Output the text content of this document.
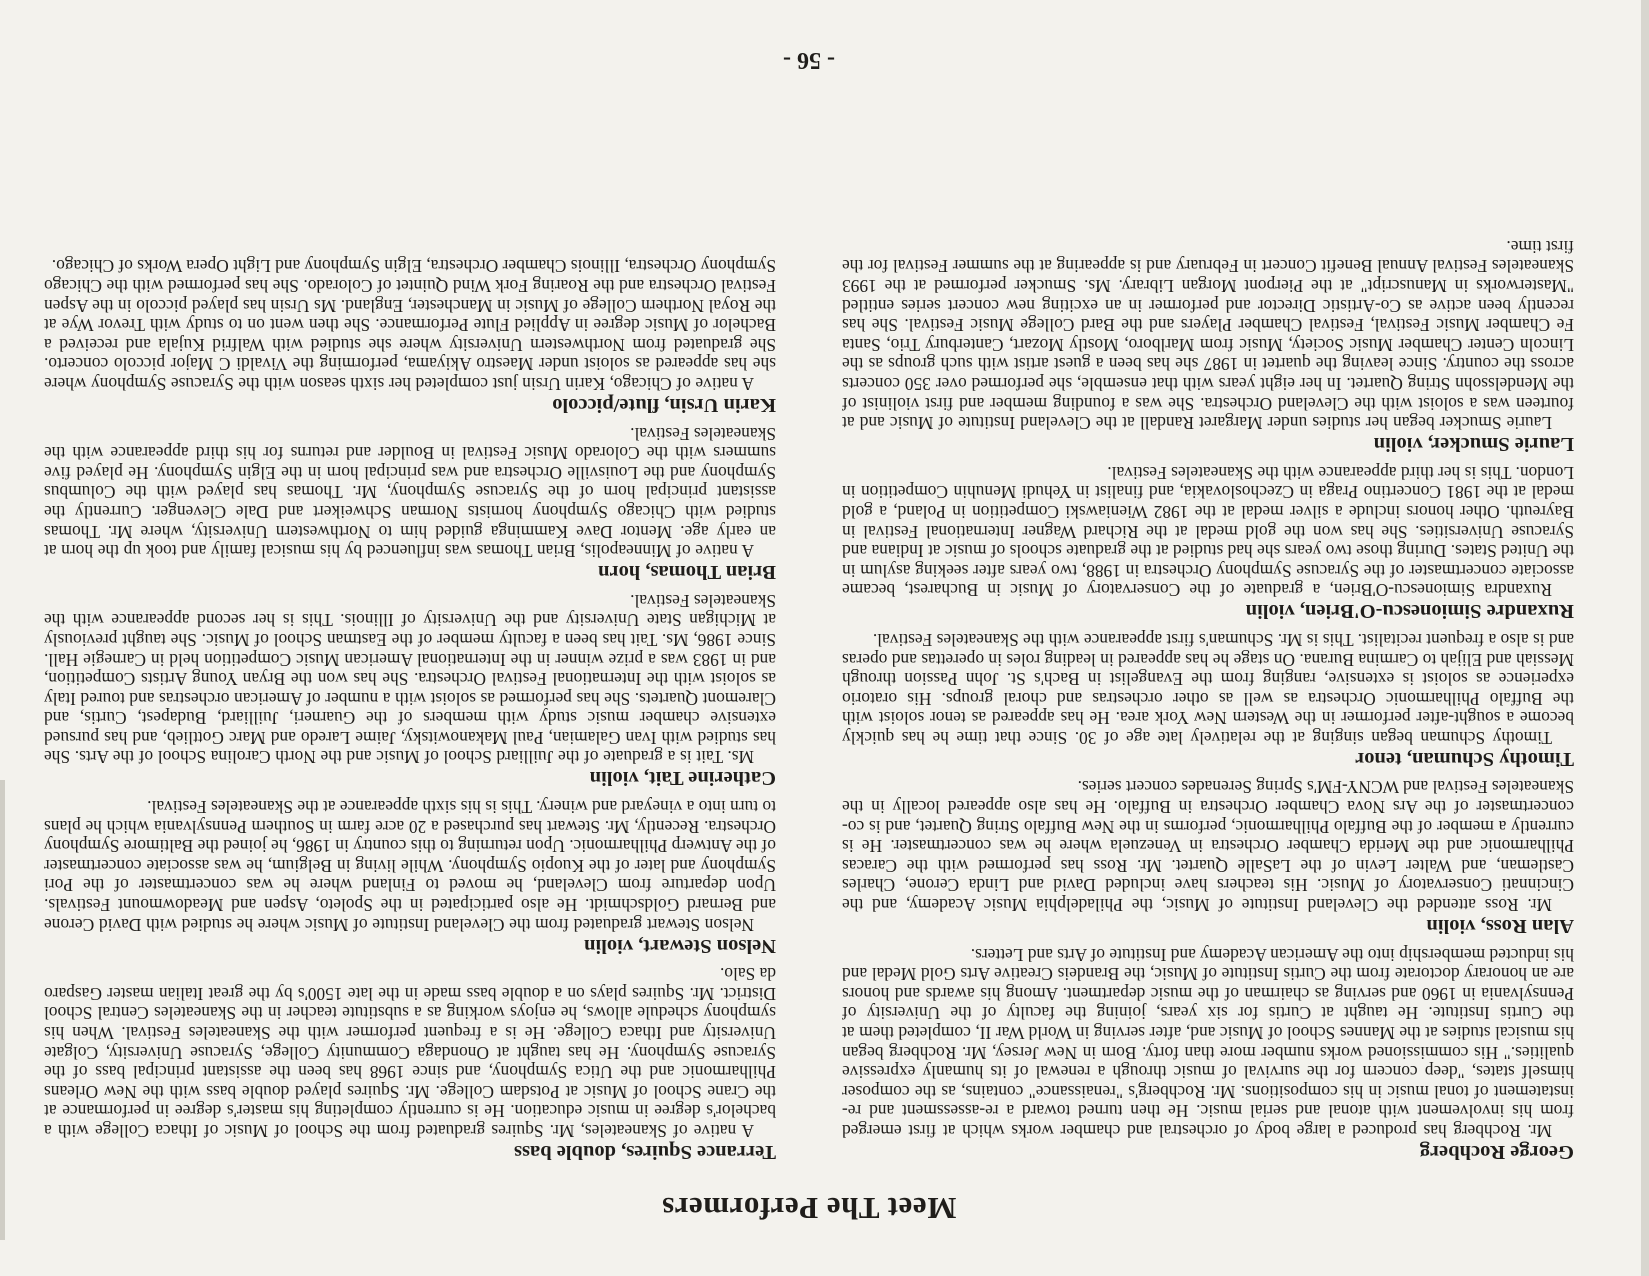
Meet The Performers
George Rochberg
Mr. Rochberg has produced a large body of orchestral and chamber works which at first emerged from his involvement with atonal and serial music. He then turned toward a re-assessment and re-instatement of tonal music in his compositions. Mr. Rochberg's "renaissance" contains, as the composer himself states, "deep concern for the survival of music through a renewal of its humanly expressive qualities." His commissioned works number more than forty. Born in New Jersey, Mr. Rochberg began his musical studies at the Mannes School of Music and, after serving in World War II, completed them at the Curtis Institute. He taught at Curtis for six years, joining the faculty of the University of Pennsylvania in 1960 and serving as chairman of the music department. Among his awards and honors are an honorary doctorate from the Curtis Institute of Music, the Brandeis Creative Arts Gold Medal and his inducted membership into the American Academy and Institute of Arts and Letters.
Alan Ross, violin
Mr. Ross attended the Cleveland Institute of Music, the Philadelphia Music Academy, and the Cincinnati Conservatory of Music. His teachers have included David and Linda Cerone, Charles Castleman, and Walter Levin of the LaSalle Quartet. Mr. Ross has performed with the Caracas Philharmonic and the Merida Chamber Orchestra in Venezuela where he was concertmaster. He is currently a member of the Buffalo Philharmonic, performs in the New Buffalo String Quartet, and is co-concertmaster of the Ars Nova Chamber Orchestra in Buffalo. He has also appeared locally in the Skaneateles Festival and WCNY-FM's Spring Serenades concert series.
Timothy Schuman, tenor
Timothy Schuman began singing at the relatively late age of 30. Since that time he has quickly become a sought-after performer in the Western New York area. He has appeared as tenor soloist with the Buffalo Philharmonic Orchestra as well as other orchestras and choral groups. His oratorio experience as soloist is extensive, ranging from the Evangelist in Bach's St. John Passion through Messiah and Elijah to Carmina Burana. On stage he has appeared in leading roles in operettas and operas and is also a frequent recitalist. This is Mr. Schuman's first appearance with the Skaneateles Festival.
Ruxandre Simionescu-O'Brien, violin
Ruxandra Simionescu-O'Brien, a graduate of the Conservatory of Music in Bucharest, became associate concertmaster of the Syracuse Symphony Orchestra in 1988, two years after seeking asylum in the United States. During those two years she had studied at the graduate schools of music at Indiana and Syracuse Universities. She has won the gold medal at the Richard Wagner International Festival in Bayreuth. Other honors include a silver medal at the 1982 Wieniawski Competition in Poland, a gold medal at the 1981 Concertino Praga in Czechoslovakia, and finalist in Yehudi Menuhin Competition in London. This is her third appearance with the Skaneateles Festival.
Laurie Smucker, violin
Laurie Smucker began her studies under Margaret Randall at the Cleveland Institute of Music and at fourteen was a soloist with the Cleveland Orchestra. She was a founding member and first violinist of the Mendelssohn String Quartet. In her eight years with that ensemble, she performed over 350 concerts across the country. Since leaving the quartet in 1987 she has been a guest artist with such groups as the Lincoln Center Chamber Music Society, Music from Marlboro, Mostly Mozart, Canterbury Trio, Santa Fe Chamber Music Festival, Festival Chamber Players and the Bard College Music Festival. She has recently been active as Co-Artistic Director and performer in an exciting new concert series entitled "Masterworks in Manuscript" at the Pierpont Morgan Library. Ms. Smucker performed at the 1993 Skaneateles Festival Annual Benefit Concert in February and is appearing at the summer Festival for the first time.
Terrance Squires, double bass
A native of Skaneateles, Mr. Squires graduated from the School of Music of Ithaca College with a bachelor's degree in music education. He is currently completing his master's degree in performance at the Crane School of Music at Potsdam College. Mr. Squires played double bass with the New Orleans Philharmonic and the Utica Symphony, and since 1968 has been the assistant principal bass of the Syracuse Symphony. He has taught at Onondaga Community College, Syracuse University, Colgate University and Ithaca College. He is a frequent performer with the Skaneateles Festival. When his symphony schedule allows, he enjoys working as a substitute teacher in the Skaneateles Central School District. Mr. Squires plays on a double bass made in the late 1500's by the great Italian master Gasparo da Salo.
Nelson Stewart, violin
Nelson Stewart graduated from the Cleveland Institute of Music where he studied with David Cerone and Bernard Goldschmidt. He also participated in the Spoleto, Aspen and Meadowmount Festivals. Upon departure from Cleveland, he moved to Finland where he was concertmaster of the Pori Symphony and later of the Kuopio Symphony. While living in Belgium, he was associate concertmaster of the Antwerp Philharmonic. Upon returning to this country in 1986, he joined the Baltimore Symphony Orchestra. Recently, Mr. Stewart has purchased a 20 acre farm in Southern Pennsylvania which he plans to turn into a vineyard and winery. This is his sixth appearance at the Skaneateles Festival.
Catherine Tait, violin
Ms. Tait is a graduate of the Juilliard School of Music and the North Carolina School of the Arts. She has studied with Ivan Galamian, Paul Makanowitsky, Jaime Laredo and Marc Gottlieb, and has pursued extensive chamber music study with members of the Guarneri, Juilliard, Budapest, Curtis, and Claremont Quartets. She has performed as soloist with a number of American orchestras and toured Italy as soloist with the International Festival Orchestra. She has won the Bryan Young Artists Competition, and in 1983 was a prize winner in the International American Music Competition held in Carnegie Hall. Since 1986, Ms. Tait has been a faculty member of the Eastman School of Music. She taught previously at Michigan State University and the University of Illinois. This is her second appearance with the Skaneateles Festival.
Brian Thomas, horn
A native of Minneapolis, Brian Thomas was influenced by his musical family and took up the horn at an early age. Mentor Dave Kamminga guided him to Northwestern University, where Mr. Thomas studied with Chicago Symphony hornists Norman Schweikert and Dale Clevenger. Currently the assistant principal horn of the Syracuse Symphony, Mr. Thomas has played with the Columbus Symphony and the Louisville Orchestra and was principal horn in the Elgin Symphony. He played five summers with the Colorado Music Festival in Boulder and returns for his third appearance with the Skaneateles Festival.
Karin Ursin, flute/piccolo
A native of Chicago, Karin Ursin just completed her sixth season with the Syracuse Symphony where she has appeared as soloist under Maestro Akiyama, performing the Vivaldi C Major piccolo concerto. She graduated from Northwestern University where she studied with Walfrid Kujala and received a Bachelor of Music degree in Applied Flute Performance. She then went on to study with Trevor Wye at the Royal Northern College of Music in Manchester, England. Ms Ursin has played piccolo in the Aspen Festival Orchestra and the Roaring Fork Wind Quintet of Colorado. She has performed with the Chicago Symphony Orchestra, Illinois Chamber Orchestra, Elgin Symphony and Light Opera Works of Chicago.
- 56 -
